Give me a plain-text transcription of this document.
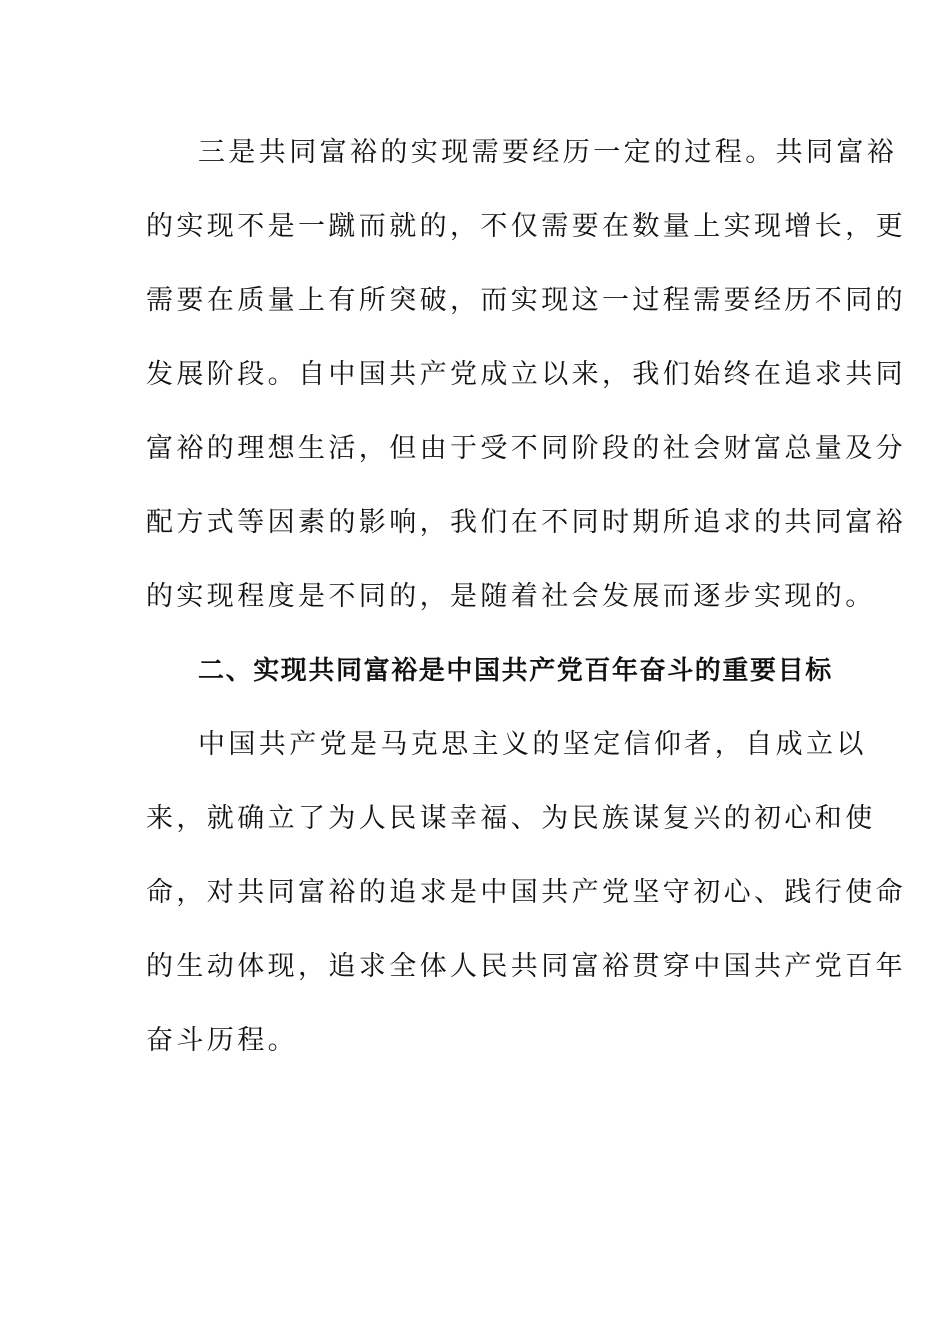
三是共同富裕的实现需要经历一定的过程。共同富裕
的实现不是一蹴而就的，不仅需要在数量上实现增长，更
需要在质量上有所突破，而实现这一过程需要经历不同的
发展阶段。自中国共产党成立以来，我们始终在追求共同
富裕的理想生活，但由于受不同阶段的社会财富总量及分
配方式等因素的影响，我们在不同时期所追求的共同富裕
的实现程度是不同的，是随着社会发展而逐步实现的。
二、实现共同富裕是中国共产党百年奋斗的重要目标
中国共产党是马克思主义的坚定信仰者，自成立以
来，就确立了为人民谋幸福、为民族谋复兴的初心和使
命，对共同富裕的追求是中国共产党坚守初心、践行使命
的生动体现，追求全体人民共同富裕贯穿中国共产党百年
奋斗历程。
